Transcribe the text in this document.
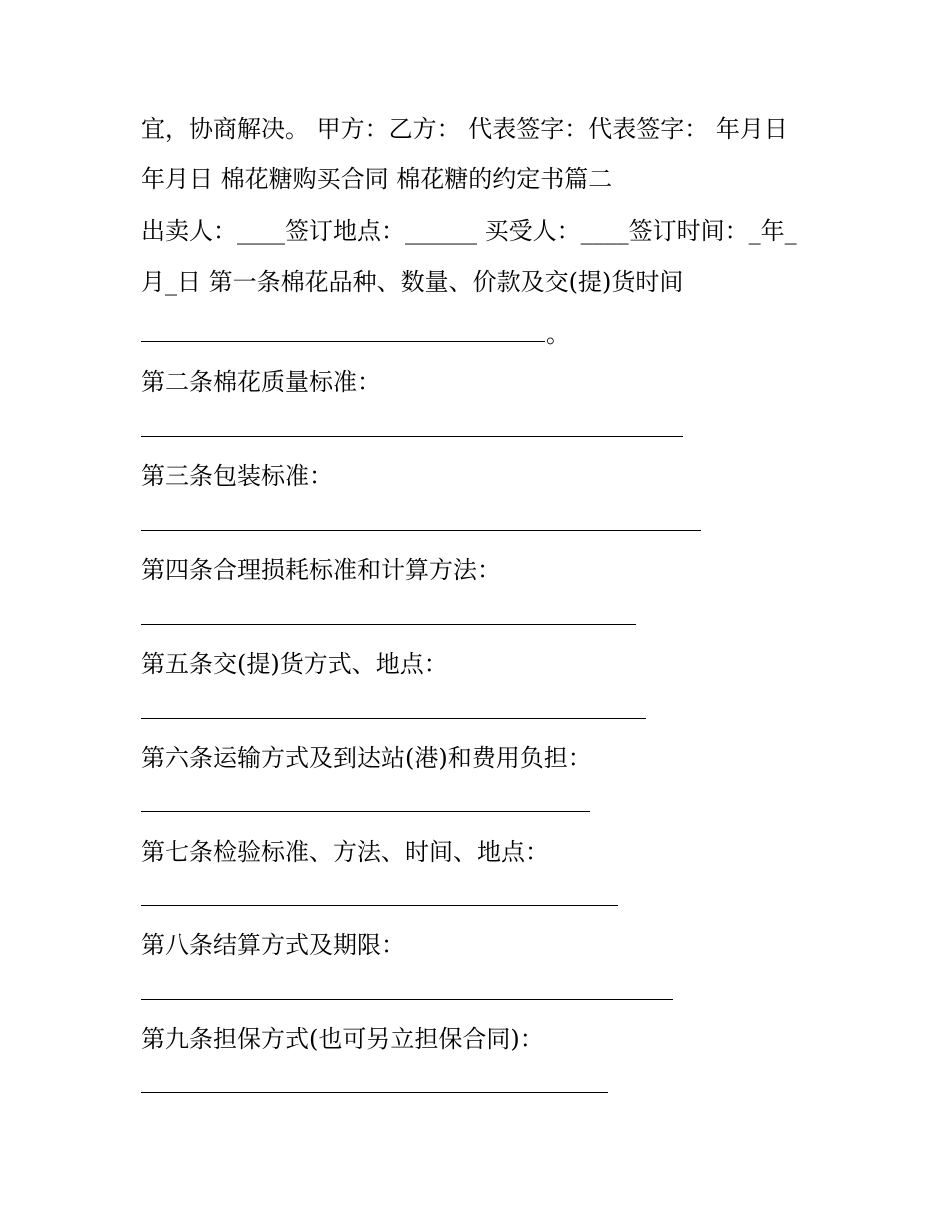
宜，协商解决。 甲方：乙方： 代表签字：代表签字： 年月日

年月日 棉花糖购买合同 棉花糖的约定书篇二

出卖人：____签订地点：______ 买受人：____签订时间：_年_

月_日 第一条棉花品种、数量、价款及交(提)货时间

。

第二条棉花质量标准：

第三条包装标准：

第四条合理损耗标准和计算方法：

第五条交(提)货方式、地点：

第六条运输方式及到达站(港)和费用负担：

第七条检验标准、方法、时间、地点：

第八条结算方式及期限：

第九条担保方式(也可另立担保合同)：
